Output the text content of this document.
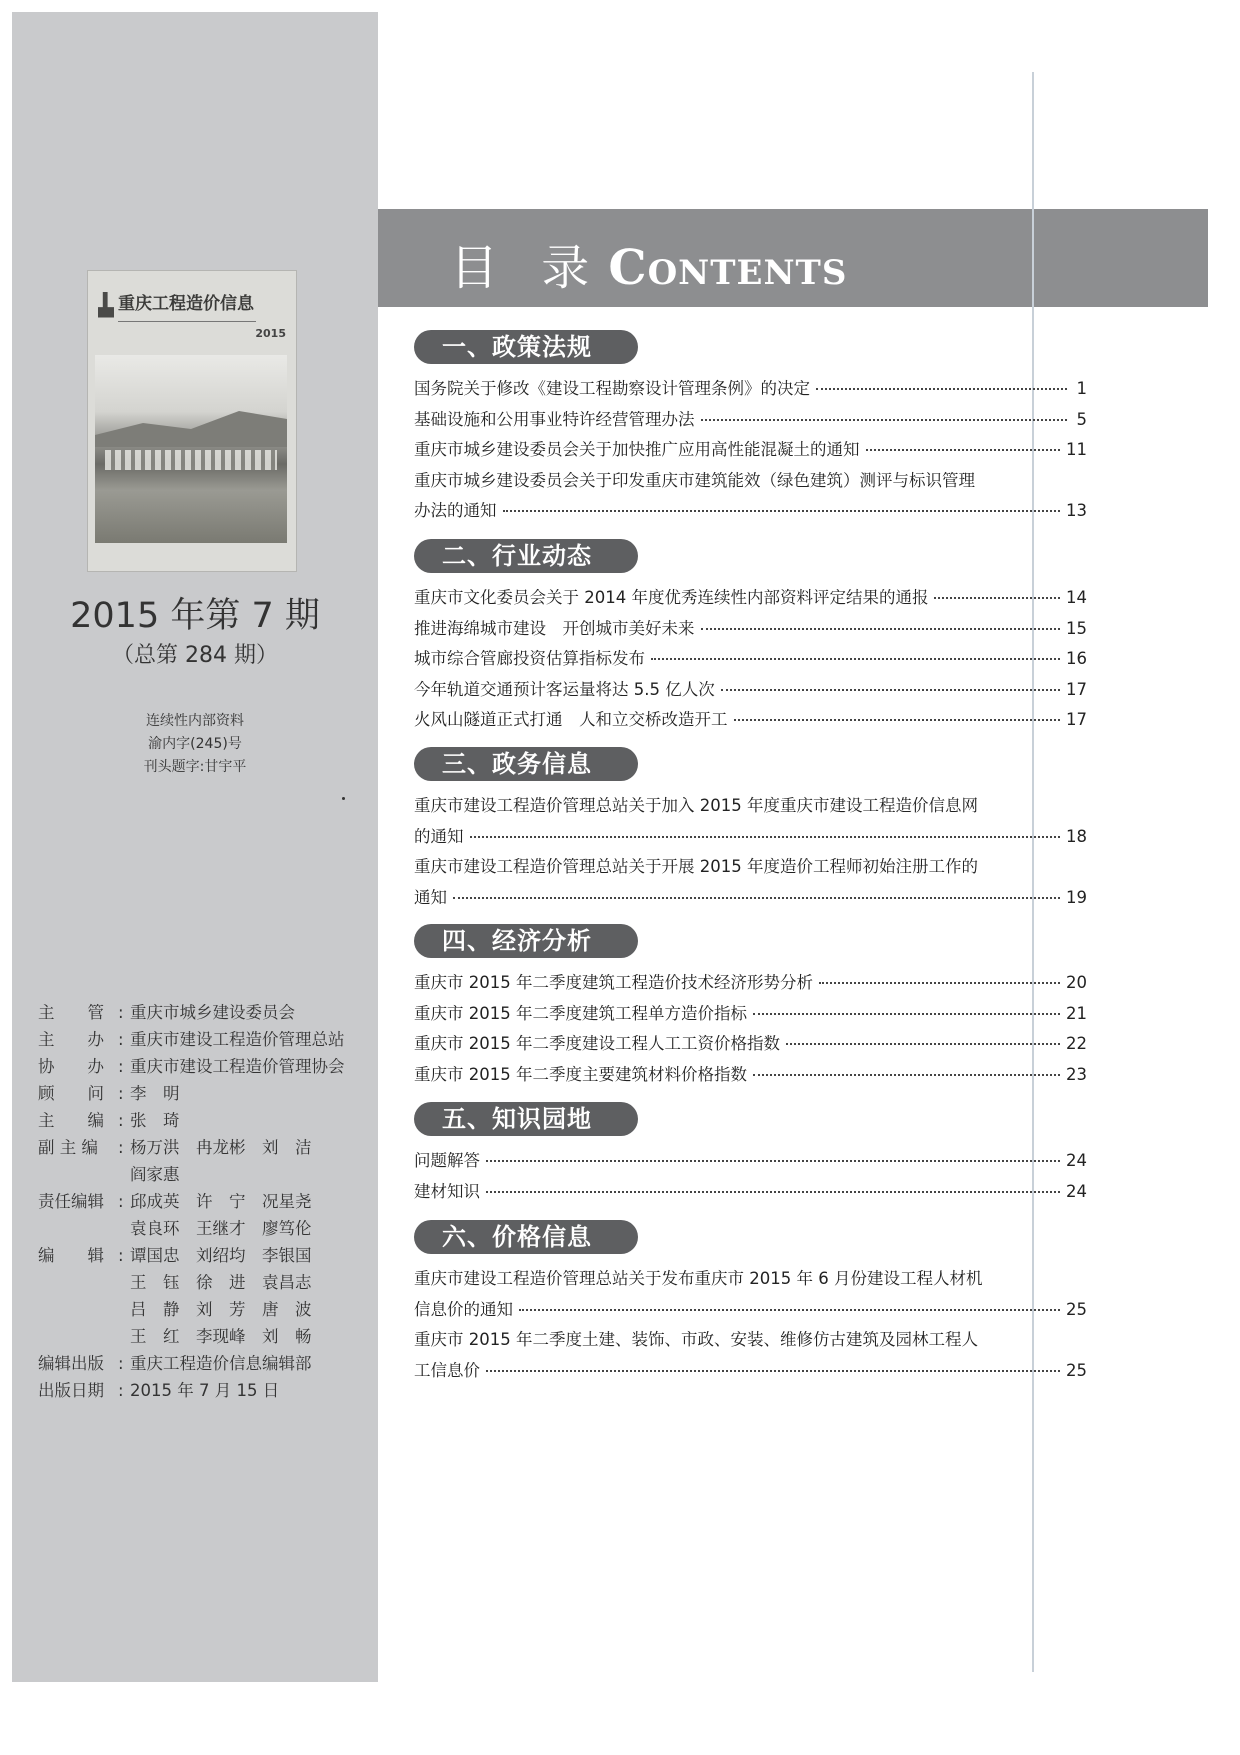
重庆工程造价信息
2015
2015 年第 7 期
（总第 284 期）
连续性内部资料
渝内字(245)号
刊头题字:甘宇平
主　　管 : 重庆市城乡建设委员会
主　　办 : 重庆市建设工程造价管理总站
协　　办 : 重庆市建设工程造价管理协会
顾　　问 : 李　明
主　　编 : 张　琦
副 主 编	: 杨万洪　冉龙彬　刘　洁
阎家惠
责任编辑 : 邱成英　许　宁　况星尧
袁良环　王继才　廖笃伦
编　　辑 : 谭国忠　刘绍均　李银国
王　钰　徐　进　袁昌志
吕　静　刘　芳　唐　波
王　红　李现峰　刘　畅
编辑出版 : 重庆工程造价信息编辑部
出版日期 : 2015 年 7 月 15 日
目 录 Contents
一、政策法规
国务院关于修改《建设工程勘察设计管理条例》的决定	1
基础设施和公用事业特许经营管理办法	5
重庆市城乡建设委员会关于加快推广应用高性能混凝土的通知	11
重庆市城乡建设委员会关于印发重庆市建筑能效（绿色建筑）测评与标识管理
办法的通知	13
二、行业动态
重庆市文化委员会关于 2014 年度优秀连续性内部资料评定结果的通报	14
推进海绵城市建设　开创城市美好未来	15
城市综合管廊投资估算指标发布	16
今年轨道交通预计客运量将达 5.5 亿人次	17
火风山隧道正式打通　人和立交桥改造开工	17
三、政务信息
重庆市建设工程造价管理总站关于加入 2015 年度重庆市建设工程造价信息网
的通知	18
重庆市建设工程造价管理总站关于开展 2015 年度造价工程师初始注册工作的
通知	19
四、经济分析
重庆市 2015 年二季度建筑工程造价技术经济形势分析	20
重庆市 2015 年二季度建筑工程单方造价指标	21
重庆市 2015 年二季度建设工程人工工资价格指数	22
重庆市 2015 年二季度主要建筑材料价格指数	23
五、知识园地
问题解答	24
建材知识	24
六、价格信息
重庆市建设工程造价管理总站关于发布重庆市 2015 年 6 月份建设工程人材机
信息价的通知	25
重庆市 2015 年二季度土建、装饰、市政、安装、维修仿古建筑及园林工程人
工信息价	25
